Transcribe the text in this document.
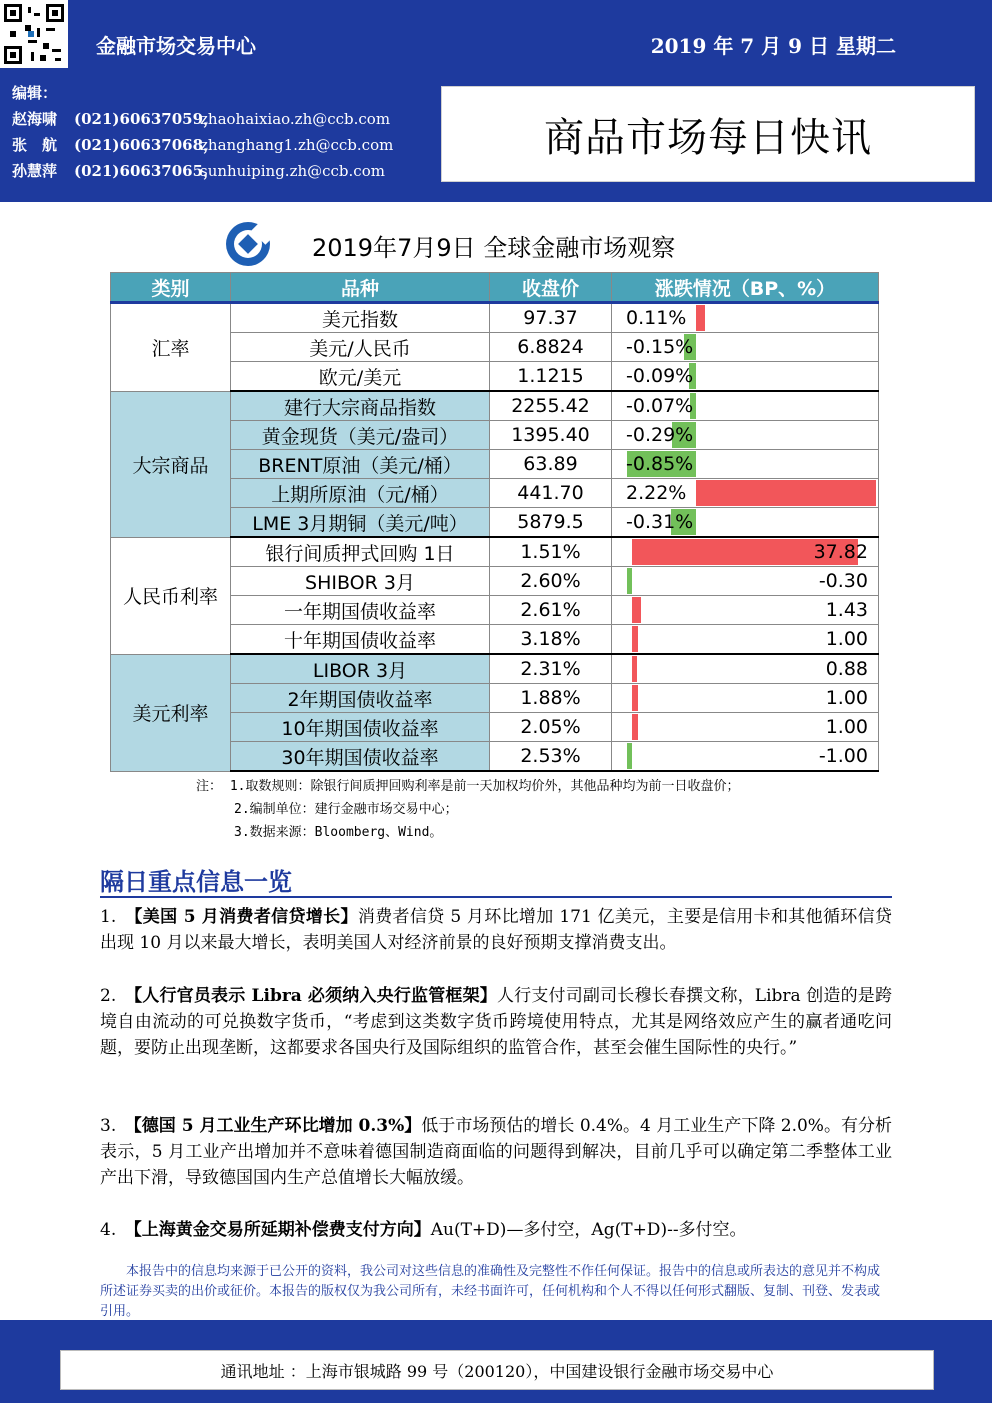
金融市场交易中心	2019 年 7 月 9 日 星期二
编辑：
赵海啸 (021)60637059，zhaohaixiao.zh@ccb.com
张　航 (021)60637068，zhanghang1.zh@ccb.com
孙慧萍 (021)60637065，sunhuiping.zh@ccb.com
商品市场每日快讯
2019年7月9日 全球金融市场观察
类别	品种	收盘价	涨跌情况（BP、%）
汇率	美元指数	97.37	0.11%

	美元/人民币	6.8824	-0.15%

	欧元/美元	1.1215	-0.09%

大宗商品	建行大宗商品指数	2255.42	-0.07%

	黄金现货（美元/盎司）	1395.40	-0.29%

	BRENT原油（美元/桶）	63.89	-0.85%

	上期所原油（元/桶）	441.70	2.22%

	LME 3月期铜（美元/吨）	5879.5	-0.31%

人民币利率	银行间质押式回购 1日	1.51%	37.82

	SHIBOR 3月	2.60%	-0.30

	一年期国债收益率	2.61%	1.43

	十年期国债收益率	3.18%	1.00

美元利率	LIBOR 3月	2.31%	0.88

	2年期国债收益率	1.88%	1.00

	10年期国债收益率	2.05%	1.00

	30年期国债收益率	2.53%	-1.00
注： 1.取数规则：除银行间质押回购利率是前一天加权均价外，其他品种均为前一日收盘价；
2.编制单位：建行金融市场交易中心；
3.数据来源：Bloomberg、Wind。
隔日重点信息一览
1.　 【美国 5 月消费者信贷增长】消费者信贷 5 月环比增加 171 亿美元，主要是信用卡和其他循环信贷出现 10 月以来最大增长，表明美国人对经济前景的良好预期支撑消费支出。
2.　 【人行官员表示 Libra 必须纳入央行监管框架】人行支付司副司长穆长春撰文称，Libra 创造的是跨境自由流动的可兑换数字货币，“考虑到这类数字货币跨境使用特点，尤其是网络效应产生的赢者通吃问题，要防止出现垄断，这都要求各国央行及国际组织的监管合作，甚至会催生国际性的央行。”
3.　 【德国 5 月工业生产环比增加 0.3%】低于市场预估的增长 0.4%。4 月工业生产下降 2.0%。有分析表示，5 月工业产出增加并不意味着德国制造商面临的问题得到解决，目前几乎可以确定第二季整体工业产出下滑，导致德国国内生产总值增长大幅放缓。
4.　 【上海黄金交易所延期补偿费支付方向】Au(T+D)—多付空，Ag(T+D)--多付空。
本报告中的信息均来源于已公开的资料，我公司对这些信息的准确性及完整性不作任何保证。报告中的信息或所表达的意见并不构成所述证券买卖的出价或征价。本报告的版权仅为我公司所有，未经书面许可，任何机构和个人不得以任何形式翻版、复制、刊登、发表或引用。
通讯地址 ：上海市银城路 99 号（200120），中国建设银行金融市场交易中心
